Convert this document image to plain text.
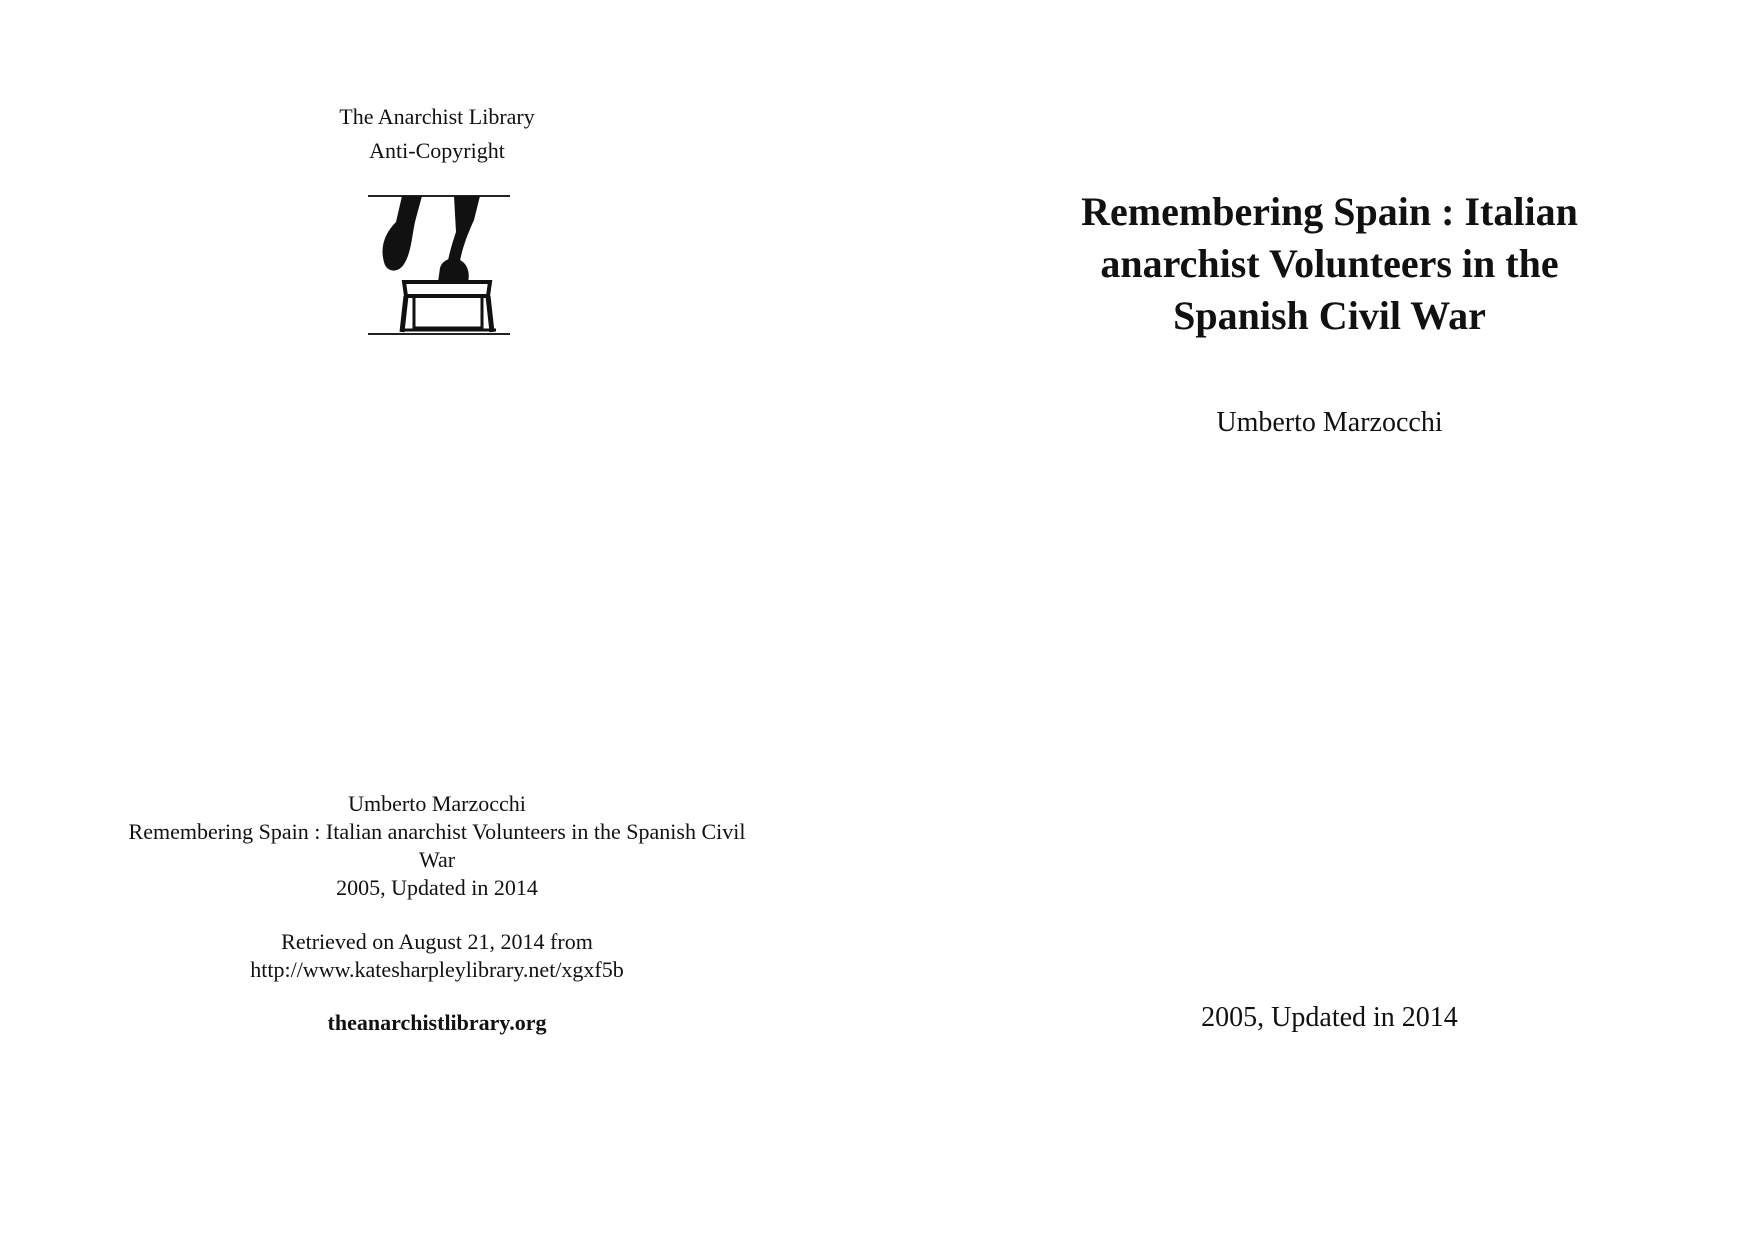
The Anarchist Library
Anti-Copyright
Umberto Marzocchi
Remembering Spain : Italian anarchist Volunteers in the Spanish Civil War
2005, Updated in 2014
Retrieved on August 21, 2014 from http://www.katesharpleylibrary.net/xgxf5b
theanarchistlibrary.org
Remembering Spain : Italian anarchist Volunteers in the Spanish Civil War
Umberto Marzocchi
2005, Updated in 2014
